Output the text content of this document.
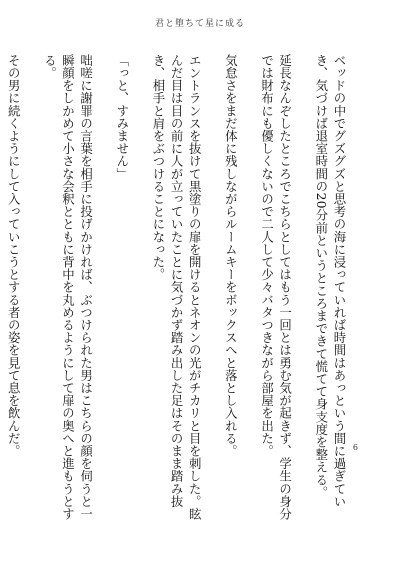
君と堕ちて星に成る

ベッドの中でグズグズと思考の海に浸っていれば時間はあっという間に過ぎていき、気づけば退室時間の20分前というところまできて慌てて身支度を整える。

延長なんぞしたところでこちらとしてはもう一回とは勇む気が起きず、学生の身分では財布にも優しくないので二人して少々バタつきながら部屋を出た。

気怠さをまだ体に残しながらルームキーをボックスへと落とし入れる。

エントランスを抜けて黒塗りの扉を開けるとネオンの光がチカリと目を刺した。眩んだ目は目の前に人が立っていたことに気づかず踏み出した足はそのまま踏み抜き、相手と肩をぶつけることになった。

「っと、すみません」

咄嗟に謝罪の言葉を相手に投げかければ、ぶつけられた男はこちらの顔を伺うと一瞬顔をしかめて小さな会釈とともに背中を丸めるようにして扉の奥へと進もうとする。

その男に続くようにして入っていこうとする者の姿を見て息を飲んだ。	6
